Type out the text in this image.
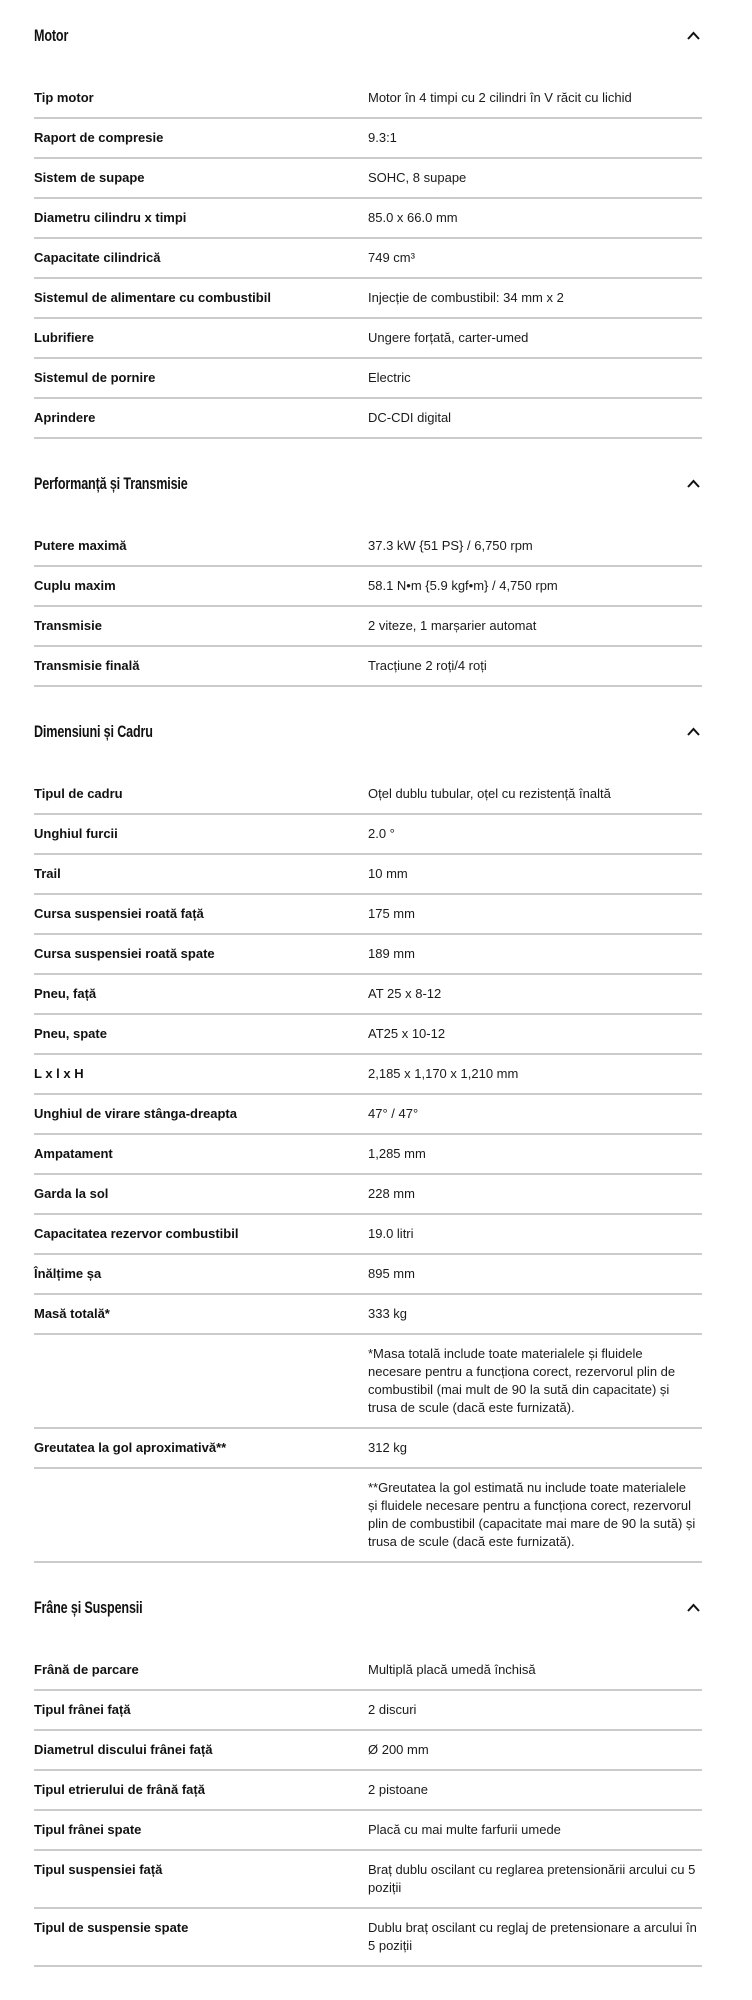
Motor
Tip motor	Motor în 4 timpi cu 2 cilindri în V răcit cu lichid
Raport de compresie	9.3:1
Sistem de supape	SOHC, 8 supape
Diametru cilindru x timpi	85.0 x 66.0 mm
Capacitate cilindrică	749 cm³
Sistemul de alimentare cu combustibil	Injecție de combustibil: 34 mm x 2
Lubrifiere	Ungere forțată, carter-umed
Sistemul de pornire	Electric
Aprindere	DC-CDI digital
Performanță și Transmisie
Putere maximă	37.3 kW {51 PS} / 6,750 rpm
Cuplu maxim	58.1 N•m {5.9 kgf•m} / 4,750 rpm
Transmisie	2 viteze, 1 marșarier automat
Transmisie finală	Tracțiune 2 roți/4 roți
Dimensiuni și Cadru
Tipul de cadru	Oțel dublu tubular, oțel cu rezistență înaltă
Unghiul furcii	2.0 °
Trail	10 mm
Cursa suspensiei roată față	175 mm
Cursa suspensiei roată spate	189 mm
Pneu, față	AT 25 x 8-12
Pneu, spate	AT25 x 10-12
L x l x H	2,185 x 1,170 x 1,210 mm
Unghiul de virare stânga-dreapta	47° / 47°
Ampatament	1,285 mm
Garda la sol	228 mm
Capacitatea rezervor combustibil	19.0 litri
Înălțime șa	895 mm
Masă totală*	333 kg
*Masa totală include toate materialele și fluidele necesare pentru a funcționa corect, rezervorul plin de combustibil (mai mult de 90 la sută din capacitate) și trusa de scule (dacă este furnizată).
Greutatea la gol aproximativă**	312 kg
**Greutatea la gol estimată nu include toate materialele și fluidele necesare pentru a funcționa corect, rezervorul plin de combustibil (capacitate mai mare de 90 la sută) și trusa de scule (dacă este furnizată).
Frâne și Suspensii
Frână de parcare	Multiplă placă umedă închisă
Tipul frânei față	2 discuri
Diametrul discului frânei față	Ø 200 mm
Tipul etrierului de frână față	2 pistoane
Tipul frânei spate	Placă cu mai multe farfurii umede
Tipul suspensiei față	Braț dublu oscilant cu reglarea pretensionării arcului cu 5 poziții
Tipul de suspensie spate	Dublu braț oscilant cu reglaj de pretensionare a arcului în 5 poziții
